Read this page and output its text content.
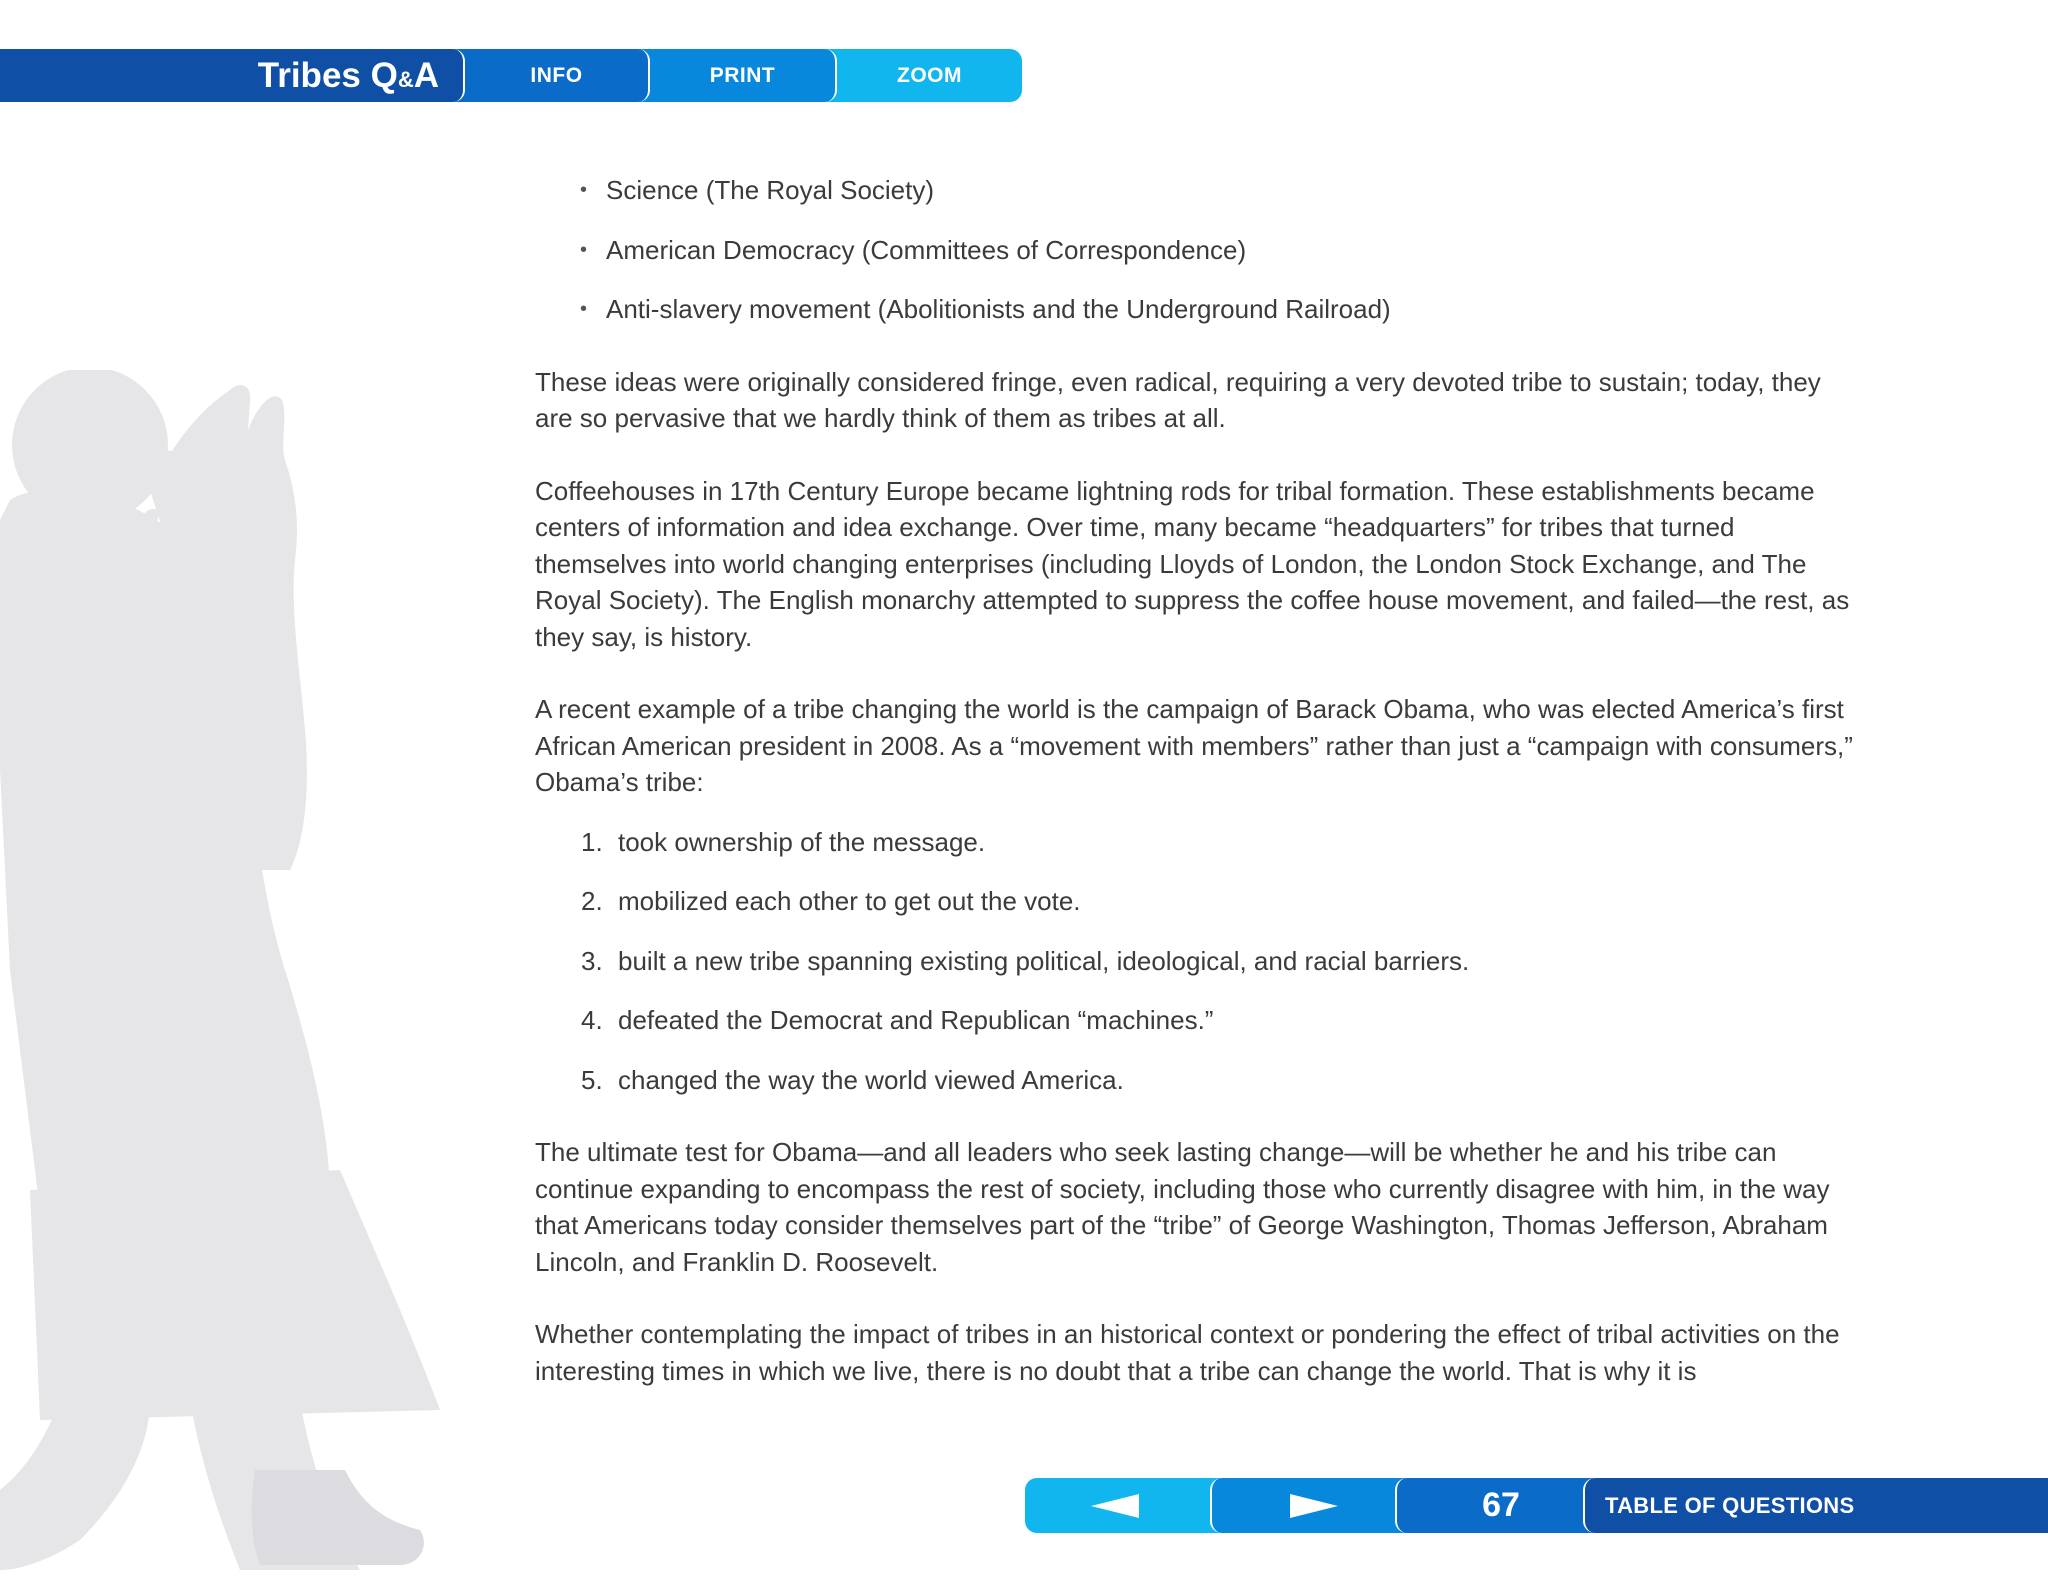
Tribes Q&A	INFO	PRINT	ZOOM
• Science (The Royal Society)
• American Democracy (Committees of Correspondence)
• Anti-slavery movement (Abolitionists and the Underground Railroad)

These ideas were originally considered fringe, even radical, requiring a very devoted tribe to sustain; today, they are so pervasive that we hardly think of them as tribes at all.

Coffeehouses in 17th Century Europe became lightning rods for tribal formation. These establishments became centers of information and idea exchange. Over time, many became “headquarters” for tribes that turned themselves into world changing enterprises (including Lloyds of London, the London Stock Exchange, and The Royal Society). The English monarchy attempted to suppress the coffee house movement, and failed—the rest, as they say, is history.

A recent example of a tribe changing the world is the campaign of Barack Obama, who was elected America’s first African American president in 2008. As a “movement with members” rather than just a “campaign with consumers,” Obama’s tribe:

1. took ownership of the message.
2. mobilized each other to get out the vote.
3. built a new tribe spanning existing political, ideological, and racial barriers.
4. defeated the Democrat and Republican “machines.”
5. changed the way the world viewed America.

The ultimate test for Obama—and all leaders who seek lasting change—will be whether he and his tribe can continue expanding to encompass the rest of society, including those who currently disagree with him, in the way that Americans today consider themselves part of the “tribe” of George Washington, Thomas Jefferson, Abraham Lincoln, and Franklin D. Roosevelt.

Whether contemplating the impact of tribes in an historical context or pondering the effect of tribal activities on the interesting times in which we live, there is no doubt that a tribe can change the world. That is why it is

67	TABLE OF QUESTIONS
